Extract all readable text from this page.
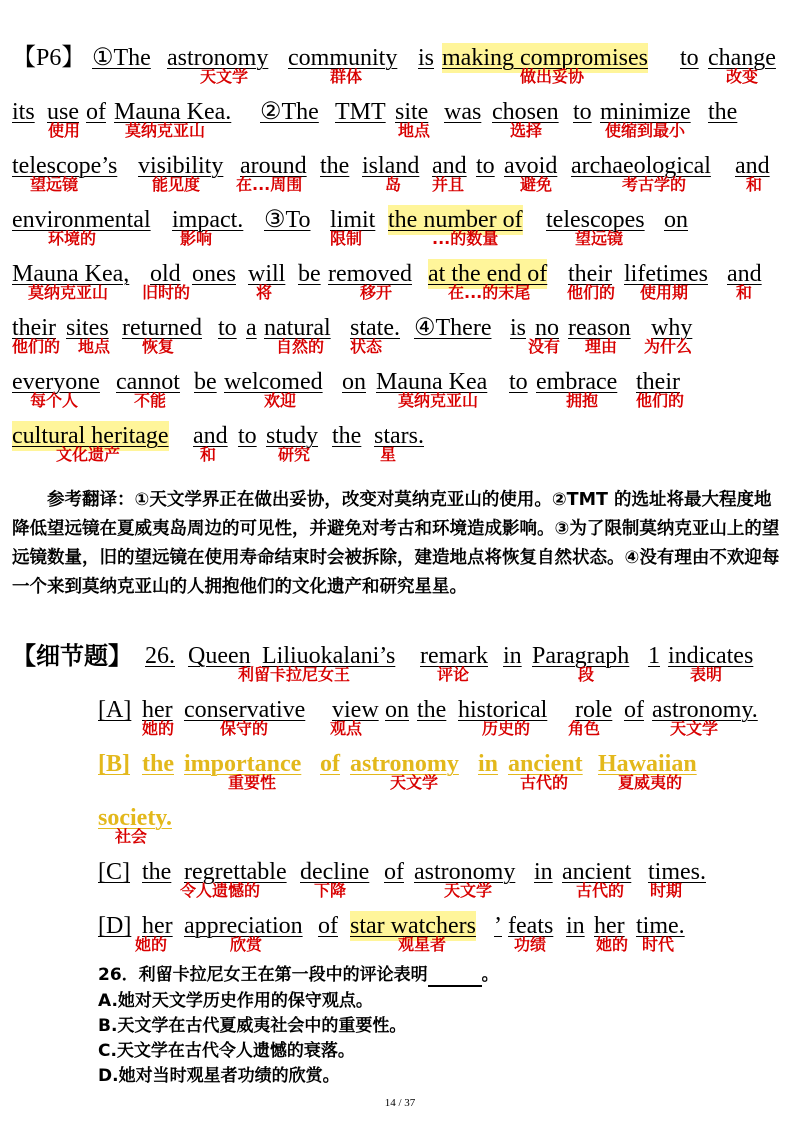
【P6】 ①The astronomy community is making compromises to change
天文学	群体	做出妥协	改变
its use of Mauna Kea. ②The TMT site was chosen to minimize the
使用	莫纳克亚山	地点	选择	使缩到最小
telescope’s visibility around the island and to avoid archaeological and
望远镜	能见度 在...周围	岛 并且	避免	考古学的	和
environmental impact. ③To limit the number of telescopes on
环境的	影响	限制	...的数量	望远镜
Mauna Kea, old ones will be removed at the end of their lifetimes and
莫纳克亚山 旧时的	将	移开	在...的末尾 他们的 使用期	和
their sites returned to a natural state. ④There is no reason why
他们的 地点 恢复	自然的 状态	没有 理由 为什么
everyone cannot be welcomed on Mauna Kea to embrace their
每个人	不能	欢迎	莫纳克亚山	拥抱 他们的
cultural heritage and to study the stars.
文化遗产	和	研究	星
参考翻译：①天文学界正在做出妥协，改变对莫纳克亚山的使用。②TMT 的选址将最大程度地降低望远镜在夏威夷岛周边的可见性，并避免对考古和环境造成影响。③为了限制莫纳克亚山上的望远镜数量，旧的望远镜在使用寿命结束时会被拆除，建造地点将恢复自然状态。④没有理由不欢迎每一个来到莫纳克亚山的人拥抱他们的文化遗产和研究星星。
【细节题】 26. Queen Liliuokalani’s remark in Paragraph 1 indicates
利留卡拉尼女王	评论	段	表明
[A] her conservative view on the historical role of astronomy.
她的	保守的	观点	历史的 角色	天文学
[B] the importance of astronomy in ancient Hawaiian
重要性	天文学	古代的	夏威夷的
society.
社会
[C] the regrettable decline of astronomy in ancient times.
令人遗憾的	下降	天文学	古代的 时期
[D] her appreciation of star watchers ’ feats in her time.
她的	欣赏	观星者	功绩	她的 时代
26．利留卡拉尼女王在第一段中的评论表明	。
A.她对天文学历史作用的保守观点。
B.天文学在古代夏威夷社会中的重要性。
C.天文学在古代令人遗憾的衰落。
D.她对当时观星者功绩的欣赏。
14 / 37
